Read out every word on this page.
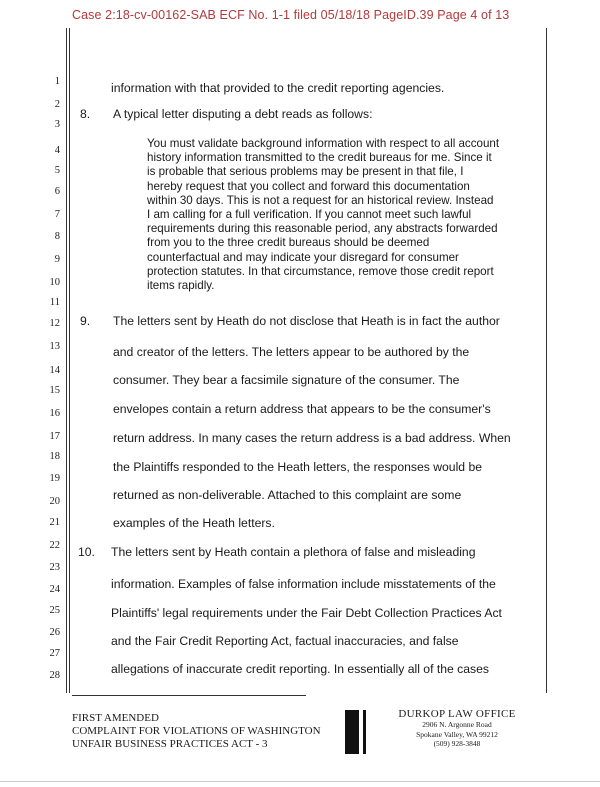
Case 2:18-cv-00162-SAB ECF No. 1-1 filed 05/18/18 PageID.39 Page 4 of 13
1
2
3
4
5
6
7
8
9
10
11
12
13
14
15
16
17
18
19
20
21
22
23
24
25
26
27
28
information with that provided to the credit reporting agencies.
8. A typical letter disputing a debt reads as follows:
You must validate background information with respect to all account
history information transmitted to the credit bureaus for me. Since it
is probable that serious problems may be present in that file, I
hereby request that you collect and forward this documentation
within 30 days. This is not a request for an historical review. Instead
I am calling for a full verification. If you cannot meet such lawful
requirements during this reasonable period, any abstracts forwarded
from you to the three credit bureaus should be deemed
counterfactual and may indicate your disregard for consumer
protection statutes. In that circumstance, remove those credit report
items rapidly.
9. The letters sent by Heath do not disclose that Heath is in fact the author
and creator of the letters. The letters appear to be authored by the
consumer. They bear a facsimile signature of the consumer. The
envelopes contain a return address that appears to be the consumer's
return address. In many cases the return address is a bad address. When
the Plaintiffs responded to the Heath letters, the responses would be
returned as non-deliverable. Attached to this complaint are some
examples of the Heath letters.
10. The letters sent by Heath contain a plethora of false and misleading
information. Examples of false information include misstatements of the
Plaintiffs' legal requirements under the Fair Debt Collection Practices Act
and the Fair Credit Reporting Act, factual inaccuracies, and false
allegations of inaccurate credit reporting. In essentially all of the cases
FIRST AMENDED
COMPLAINT FOR VIOLATIONS OF WASHINGTON
UNFAIR BUSINESS PRACTICES ACT - 3
DURKOP LAW OFFICE
2906 N. Argonne Road
Spokane Valley, WA 99212
(509) 928-3848
